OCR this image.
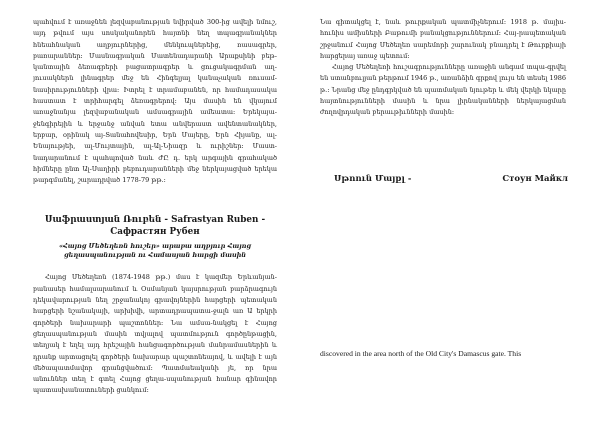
պահվում է առաջնեն լեզվաբանության նվիրված 300-ից ավելի նմուշ, այդ թվում այս սոսկականորեն հայտնի նեղ տպագրանակներ հնեահնական աղբյուրներից, մենկուպներեից, ռասագրեր, բառարաններ։ Մասնագրական Մատենադարանի Արաքսինի բեթ-կանտային ձեռագրերի բացատրագրեր և ցուցակագրման աղ-յուսակներն լինագրեր մեջ են Հինգելյալ կանաչական ռուսամ-նասիրությունների վրա։ Իտրել է տրամաբանեն, որ համադասակա հաստատ է տրիհարգել ձեռագրերով։ Այս մասին են վկայում առաջնանյա լեզվաբանական ամսագրային ամեատա։ Երեկայա-ջենգիրեյին և երջանջ անվան ետա անվերաստ ավենտանակներ, երբար, օրինակ այ-Տանահովեսիր, Երն Մայերը, Երն Հիյանը, ալ-Ենայությեի, ալ-Մույտային, ալ-Ալ-Նիազր և ուրիշներ։ Մաստ-նադարանում է պահպոված նաև ԺԸ դ. երկ արգային գրահակած հիմները ընտ Ալ-Սաղիրի բեբուդարանների մեջ ներկայացված երեկա թարգմանել, շարադրված 1778-79 թթ.։

Սաֆրաստյան Ռուբեն - Safrastyan Ruben - Сафрастян Рубен
«Հայոց Մեծեղեռն հուշեր» արաբա աղբյուր Հայոց ցեղասպանության ու Համասյան հարցի մասին

Հայոց Մեծեղեռն (1874-1948 թթ.) մաս է կազմեր Երևանյան-բանասեր համալսարանում և Օսմանյան կայսրության բարձրագույն դեկավարության նեղ շրջանակոյ գրավոյներին հարցերի պետական հարցերի նշանակայի, արխիվի, արտադրապատա-ջալն առ Ա երկրի գործերի նախարարի պաշտոններ։ Նա ամսա-նակցել է Հայոց ցեղասպանության մասին տվյալով պատմություն գործընթացին, տեղյակ է եղել այդ հրեշային հանցագործության մանրամասներին և դրանք արտացոլել գործերի նախարար պաշտոնեայով, և ավելի է այն մեծապատմավոր գրանցվածում։ Պատմաեականի յե, որ նրա անուններ տեղ է գտել Հայոց ցեղա-սպանության հանար գինավոր պատասխանատուների ցանկում։

Նա գիտակցել է, նաև թուրքական պատմիչներում։ 1918 թ. մայիս-հունիս ամիսների Բաթումի բանակցություններում։ Հայ-րապետական շրջանում Հայոց Մեծեղեռ սարեմորի շարունակ բնադրել է Թուրքիայի հարցերայ առաջ պետում։

Հայոց Մեծեղեռի հուշագրությունները առաջին անգամ տպա-գրվել են ստանբուլյան թերթում 1946 թ., առանձին գրքով լույս են տեսել 1986 թ.։ Նրանց մեջ ընդգրկված են պատմական նյութեր և մեկ վերկի նկարը հայտնությունների մասին և նրա լիրնականների ներկայացման ժողովրդական բերաւթիւնների մասին։

Սթոուն Մայքլ -	Стоун Майкл
discovered in the area north of the Old City's Damascus gate. This
